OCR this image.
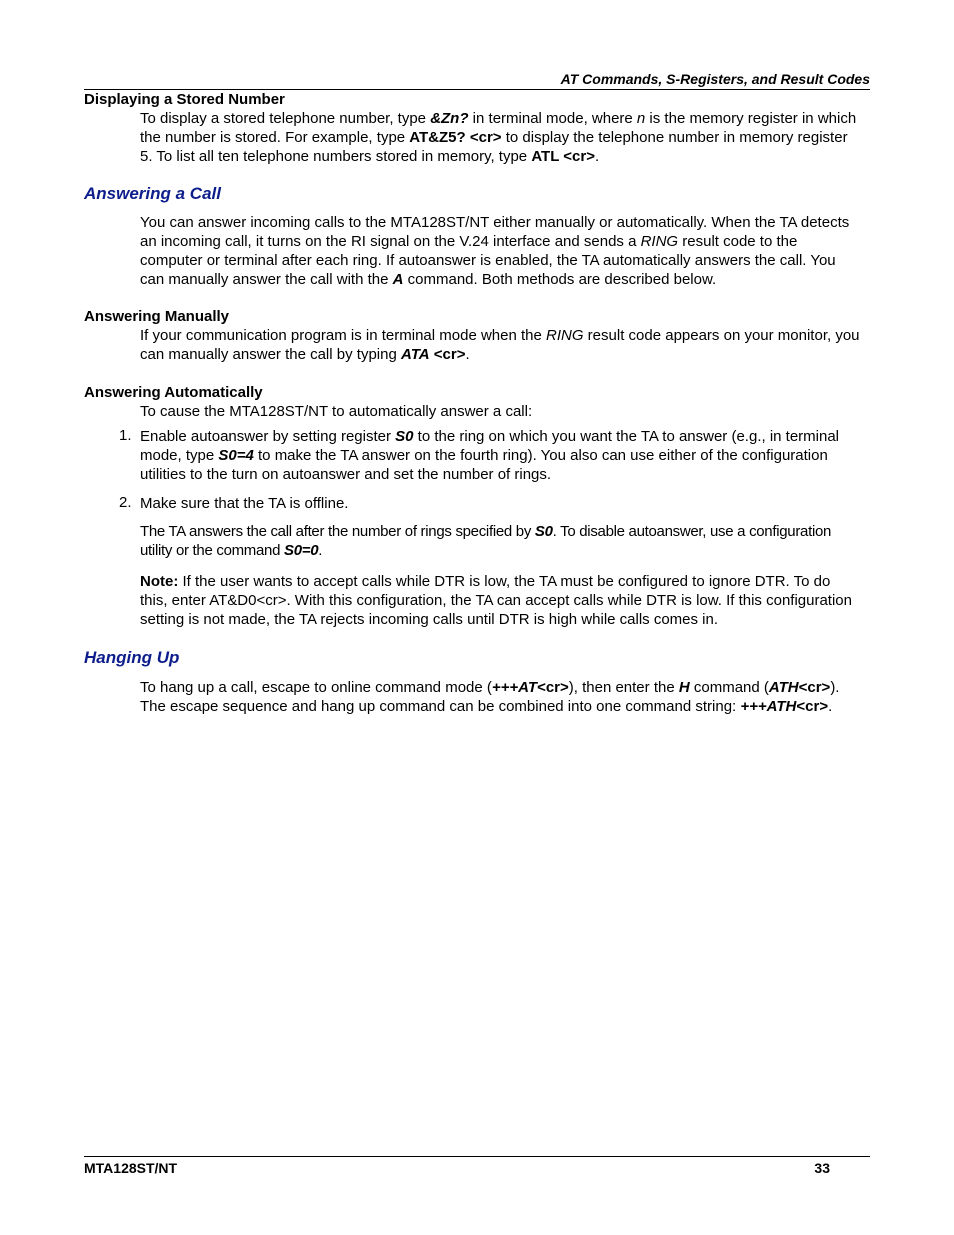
AT Commands, S-Registers, and Result Codes
Displaying a Stored Number

To display a stored telephone number, type &Zn? in terminal mode, where n is the memory register in which the number is stored. For example, type AT&Z5? <cr> to display the telephone number in memory register 5. To list all ten telephone numbers stored in memory, type ATL <cr>.

Answering a Call

You can answer incoming calls to the MTA128ST/NT either manually or automatically. When the TA detects an incoming call, it turns on the RI signal on the V.24 interface and sends a RING result code to the computer or terminal after each ring. If autoanswer is enabled, the TA automatically answers the call. You can manually answer the call with the A command. Both methods are described below.

Answering Manually

If your communication program is in terminal mode when the RING result code appears on your monitor, you can manually answer the call by typing ATA <cr>.

Answering Automatically

To cause the MTA128ST/NT to automatically answer a call:

1. Enable autoanswer by setting register S0 to the ring on which you want the TA to answer (e.g., in terminal mode, type S0=4 to make the TA answer on the fourth ring). You also can use either of the configuration utilities to the turn on autoanswer and set the number of rings.

2. Make sure that the TA is offline.

The TA answers the call after the number of rings specified by S0. To disable autoanswer, use a configuration utility or the command S0=0.

Note: If the user wants to accept calls while DTR is low, the TA must be configured to ignore DTR. To do this, enter AT&D0<cr>. With this configuration, the TA can accept calls while DTR is low. If this configuration setting is not made, the TA rejects incoming calls until DTR is high while calls comes in.

Hanging Up

To hang up a call, escape to online command mode (+++AT<cr>), then enter the H command (ATH<cr>). The escape sequence and hang up command can be combined into one command string: +++ATH<cr>.

MTA128ST/NT	33
